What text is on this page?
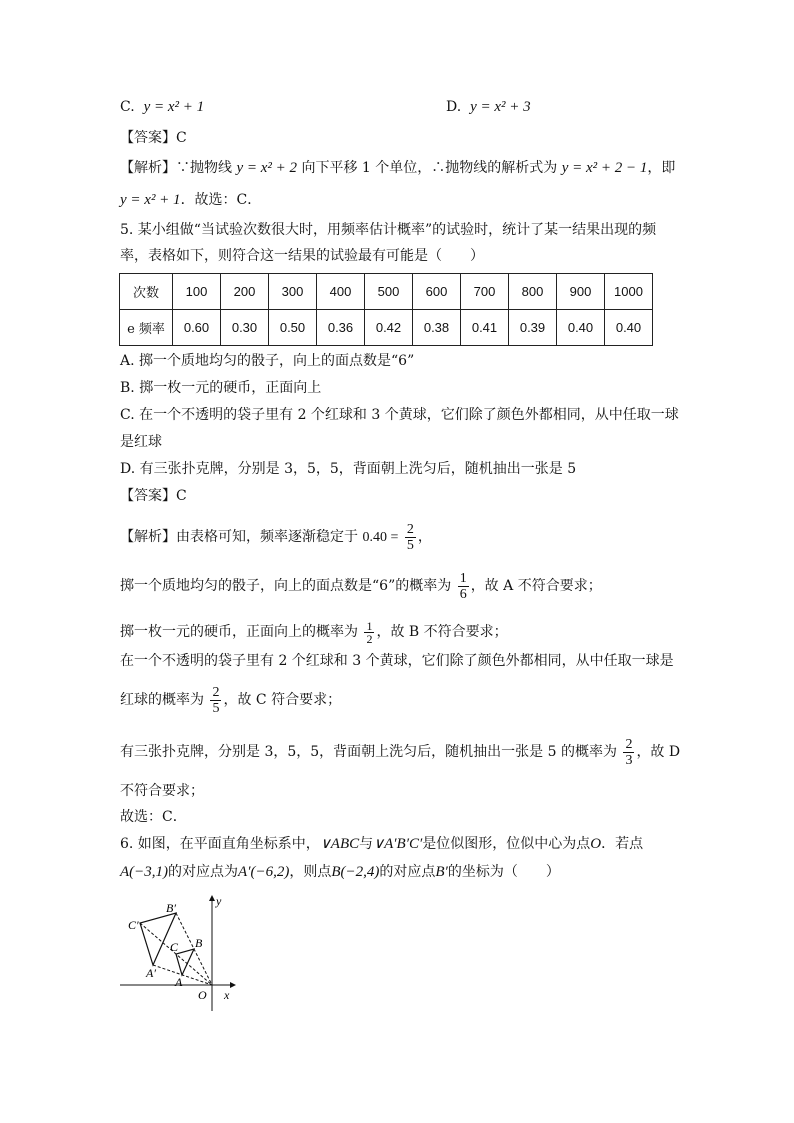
C. y = x² + 1	D. y = x² + 3
【答案】C
【解析】∵抛物线 y = x² + 2 向下平移 1 个单位，∴抛物线的解析式为 y = x² + 2 − 1，即
y = x² + 1．故选：C．
5. 某小组做“当试验次数很大时，用频率估计概率”的试验时，统计了某一结果出现的频
率，表格如下，则符合这一结果的试验最有可能是（　　）
次数	100	200	300	400	500	600	700	800	900	1000
e 频率	0.60	0.30	0.50	0.36	0.42	0.38	0.41	0.39	0.40	0.40
A. 掷一个质地均匀的骰子，向上的面点数是“6”
B. 掷一枚一元的硬币，正面向上
C. 在一个不透明的袋子里有 2 个红球和 3 个黄球，它们除了颜色外都相同，从中任取一球
是红球
D. 有三张扑克牌，分别是 3，5，5，背面朝上洗匀后，随机抽出一张是 5
【答案】C
【解析】由表格可知，频率逐渐稳定于 $0.40 = \frac{2}{5}$ ，
掷一个质地均匀的骰子，向上的面点数是“6”的概率为 $\frac{1}{6}$ ，故 A 不符合要求；
掷一枚一元的硬币，正面向上的概率为 $\frac{1}{2}$ ，故 B 不符合要求；
在一个不透明的袋子里有 2 个红球和 3 个黄球，它们除了颜色外都相同，从中任取一球是
红球的概率为 $\frac{2}{5}$ ，故 C 符合要求；
有三张扑克牌，分别是 3，5，5，背面朝上洗匀后，随机抽出一张是 5 的概率为 $\frac{2}{3}$ ，故 D
不符合要求；
故选：C．
6. 如图，在平面直角坐标系中，∨ABC与∨A′B′C′是位似图形，位似中心为点O．若点
A(−3,1)的对应点为A′(−6,2)，则点B(−2,4)的对应点B′的坐标为（　　）
B′
C′
A′
C B
A
O x
y
